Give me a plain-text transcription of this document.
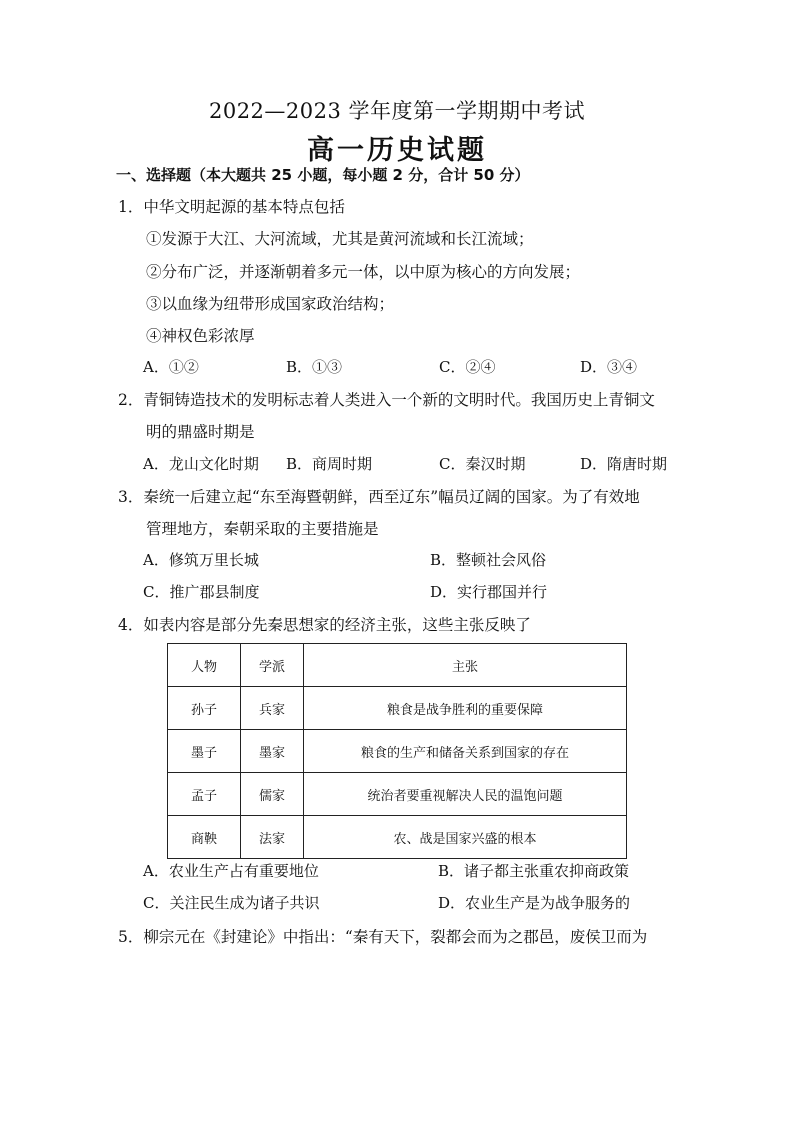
2022—2023 学年度第一学期期中考试
高一历史试题
一、选择题（本大题共 25 小题，每小题 2 分，合计 50 分）
1．中华文明起源的基本特点包括
①发源于大江、大河流域，尤其是黄河流域和长江流域；
②分布广泛，并逐渐朝着多元一体，以中原为核心的方向发展；
③以血缘为纽带形成国家政治结构；
④神权色彩浓厚
A．①②	B．①③	C．②④	D．③④
2．青铜铸造技术的发明标志着人类进入一个新的文明时代。我国历史上青铜文
明的鼎盛时期是
A．龙山文化时期 B．商周时期	C．秦汉时期	D．隋唐时期
3．秦统一后建立起“东至海暨朝鲜，西至辽东”幅员辽阔的国家。为了有效地
管理地方，秦朝采取的主要措施是
A．修筑万里长城	B．整顿社会风俗
C．推广郡县制度	D．实行郡国并行
4．如表内容是部分先秦思想家的经济主张，这些主张反映了
人物	学派	主张
孙子	兵家	粮食是战争胜利的重要保障
墨子	墨家	粮食的生产和储备关系到国家的存在
孟子	儒家	统治者要重视解决人民的温饱问题
商鞅	法家	农、战是国家兴盛的根本
A．农业生产占有重要地位	B．诸子都主张重农抑商政策
C．关注民生成为诸子共识	D．农业生产是为战争服务的
5．柳宗元在《封建论》中指出：“秦有天下，裂都会而为之郡邑，废侯卫而为
